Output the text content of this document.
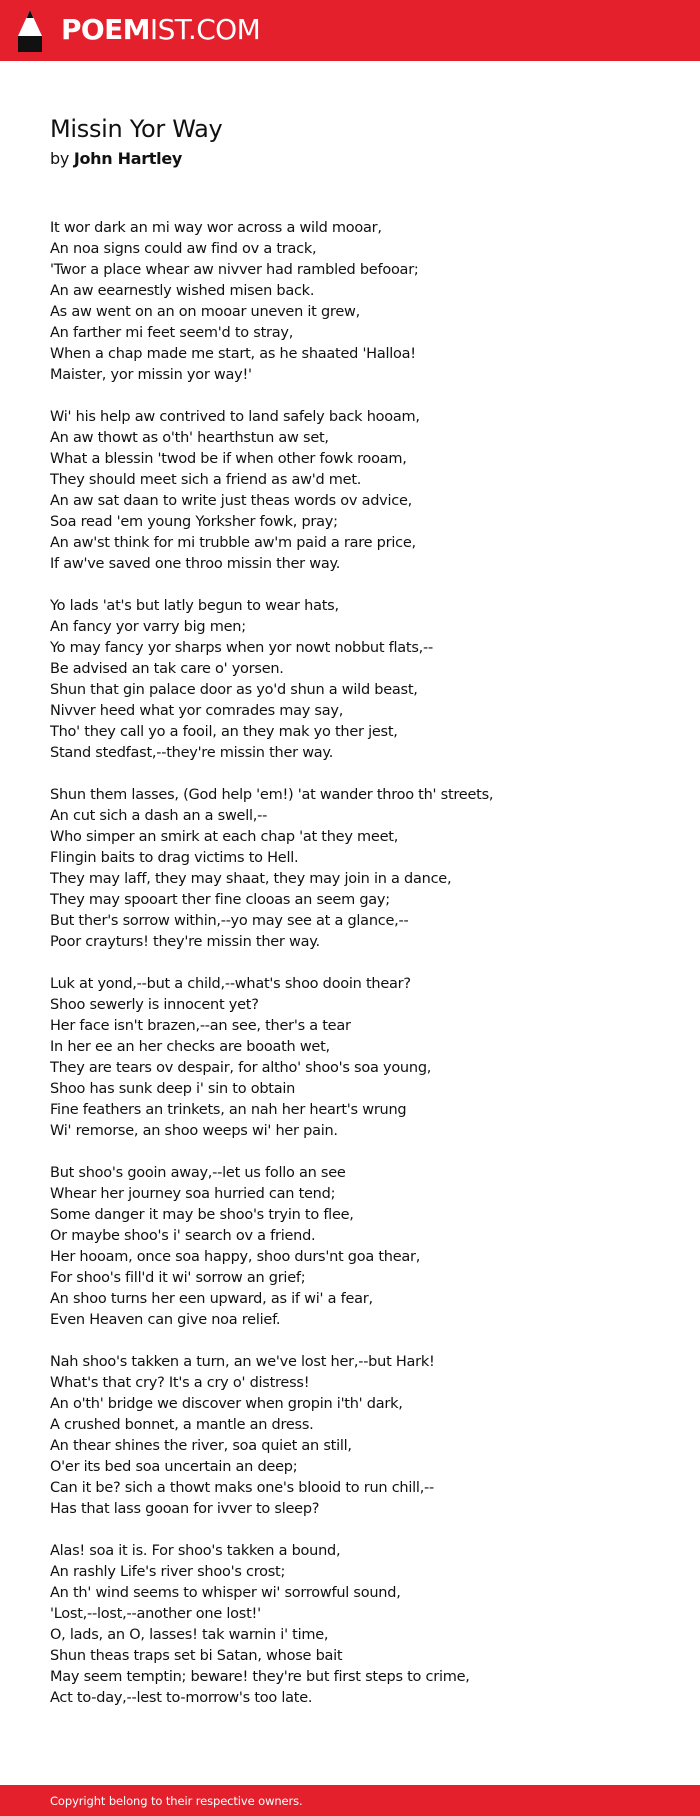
POEMIST.COM
Missin Yor Way
by John Hartley
It wor dark an mi way wor across a wild mooar,
An noa signs could aw find ov a track,
'Twor a place whear aw nivver had rambled befooar;
An aw eearnestly wished misen back.
As aw went on an on mooar uneven it grew,
An farther mi feet seem'd to stray,
When a chap made me start, as he shaated 'Halloa!
Maister, yor missin yor way!'
Wi' his help aw contrived to land safely back hooam,
An aw thowt as o'th' hearthstun aw set,
What a blessin 'twod be if when other fowk rooam,
They should meet sich a friend as aw'd met.
An aw sat daan to write just theas words ov advice,
Soa read 'em young Yorksher fowk, pray;
An aw'st think for mi trubble aw'm paid a rare price,
If aw've saved one throo missin ther way.
Yo lads 'at's but latly begun to wear hats,
An fancy yor varry big men;
Yo may fancy yor sharps when yor nowt nobbut flats,--
Be advised an tak care o' yorsen.
Shun that gin palace door as yo'd shun a wild beast,
Nivver heed what yor comrades may say,
Tho' they call yo a fooil, an they mak yo ther jest,
Stand stedfast,--they're missin ther way.
Shun them lasses, (God help 'em!) 'at wander throo th' streets,
An cut sich a dash an a swell,--
Who simper an smirk at each chap 'at they meet,
Flingin baits to drag victims to Hell.
They may laff, they may shaat, they may join in a dance,
They may spooart ther fine clooas an seem gay;
But ther's sorrow within,--yo may see at a glance,--
Poor crayturs! they're missin ther way.
Luk at yond,--but a child,--what's shoo dooin thear?
Shoo sewerly is innocent yet?
Her face isn't brazen,--an see, ther's a tear
In her ee an her checks are booath wet,
They are tears ov despair, for altho' shoo's soa young,
Shoo has sunk deep i' sin to obtain
Fine feathers an trinkets, an nah her heart's wrung
Wi' remorse, an shoo weeps wi' her pain.
But shoo's gooin away,--let us follo an see
Whear her journey soa hurried can tend;
Some danger it may be shoo's tryin to flee,
Or maybe shoo's i' search ov a friend.
Her hooam, once soa happy, shoo durs'nt goa thear,
For shoo's fill'd it wi' sorrow an grief;
An shoo turns her een upward, as if wi' a fear,
Even Heaven can give noa relief.
Nah shoo's takken a turn, an we've lost her,--but Hark!
What's that cry? It's a cry o' distress!
An o'th' bridge we discover when gropin i'th' dark,
A crushed bonnet, a mantle an dress.
An thear shines the river, soa quiet an still,
O'er its bed soa uncertain an deep;
Can it be? sich a thowt maks one's blooid to run chill,--
Has that lass gooan for ivver to sleep?
Alas! soa it is. For shoo's takken a bound,
An rashly Life's river shoo's crost;
An th' wind seems to whisper wi' sorrowful sound,
'Lost,--lost,--another one lost!'
O, lads, an O, lasses! tak warnin i' time,
Shun theas traps set bi Satan, whose bait
May seem temptin; beware! they're but first steps to crime,
Act to-day,--lest to-morrow's too late.
Copyright belong to their respective owners.
